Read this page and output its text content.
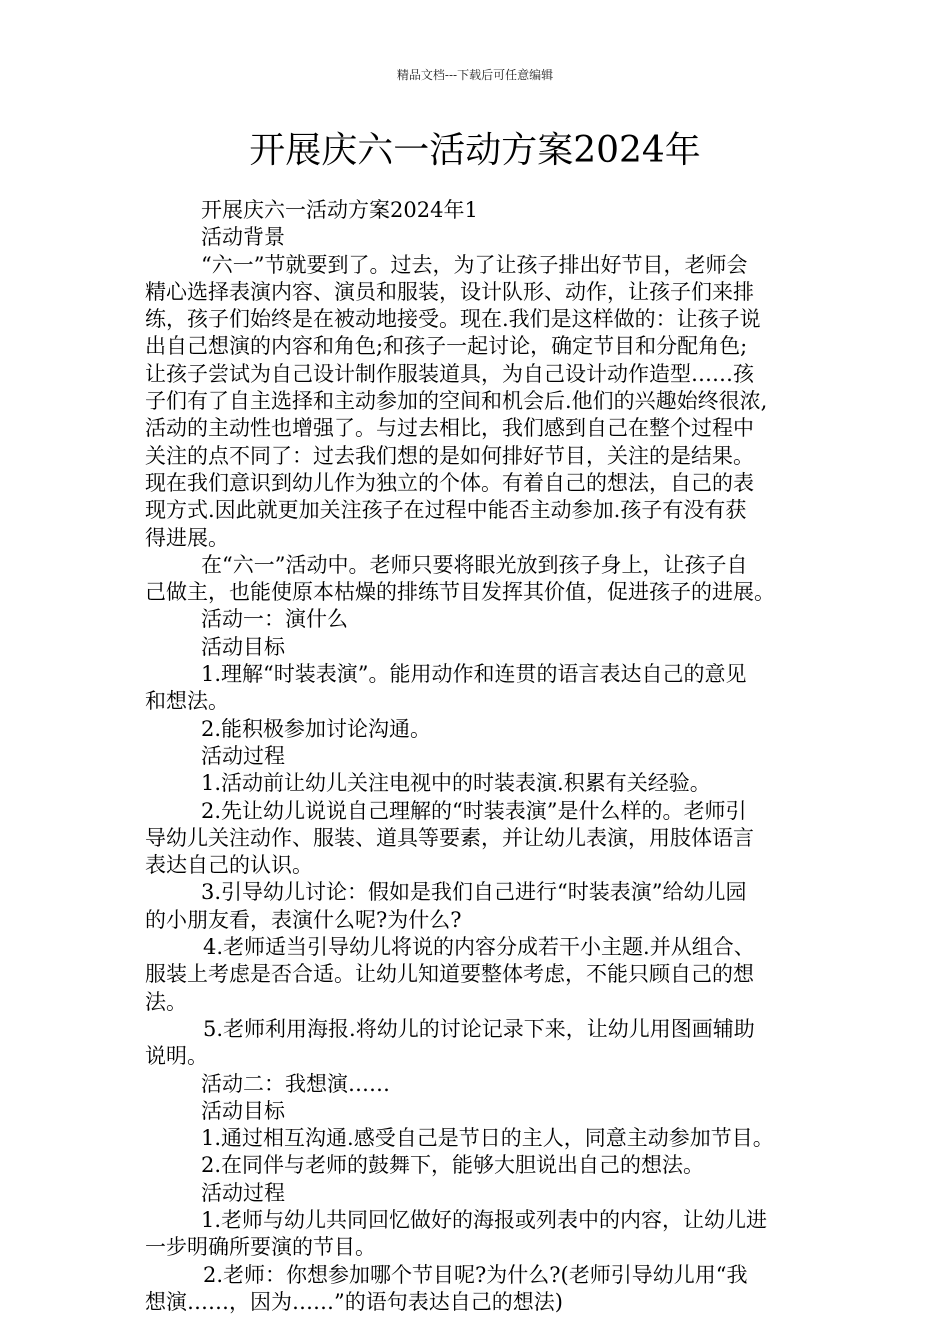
精品文档---下载后可任意编辑
开展庆六一活动方案2024年
开展庆六一活动方案2024年1
活动背景
“六一”节就要到了。过去，为了让孩子排出好节目，老师会
精心选择表演内容、演员和服装，设计队形、动作，让孩子们来排
练，孩子们始终是在被动地接受。现在.我们是这样做的：让孩子说
出自己想演的内容和角色;和孩子一起讨论，确定节目和分配角色;
让孩子尝试为自己设计制作服装道具，为自己设计动作造型……孩
子们有了自主选择和主动参加的空间和机会后.他们的兴趣始终很浓,
活动的主动性也增强了。与过去相比，我们感到自己在整个过程中
关注的点不同了：过去我们想的是如何排好节目，关注的是结果。
现在我们意识到幼儿作为独立的个体。有着自己的想法，自己的表
现方式.因此就更加关注孩子在过程中能否主动参加.孩子有没有获
得进展。
在“六一”活动中。老师只要将眼光放到孩子身上，让孩子自
己做主，也能使原本枯燥的排练节目发挥其价值，促进孩子的进展。
活动一：演什么
活动目标
1.理解“时装表演”。能用动作和连贯的语言表达自己的意见
和想法。
2.能积极参加讨论沟通。
活动过程
1.活动前让幼儿关注电视中的时装表演.积累有关经验。
2.先让幼儿说说自己理解的“时装表演”是什么样的。老师引
导幼儿关注动作、服装、道具等要素，并让幼儿表演，用肢体语言
表达自己的认识。
3.引导幼儿讨论：假如是我们自己进行“时装表演”给幼儿园
的小朋友看，表演什么呢?为什么?
4.老师适当引导幼儿将说的内容分成若干小主题.并从组合、
服装上考虑是否合适。让幼儿知道要整体考虑，不能只顾自己的想
法。
5.老师利用海报.将幼儿的讨论记录下来，让幼儿用图画辅助
说明。
活动二：我想演……
活动目标
1.通过相互沟通.感受自己是节日的主人，同意主动参加节目。
2.在同伴与老师的鼓舞下，能够大胆说出自己的想法。
活动过程
1.老师与幼儿共同回忆做好的海报或列表中的内容，让幼儿进
一步明确所要演的节目。
2.老师：你想参加哪个节目呢?为什么?(老师引导幼儿用“我
想演……，因为……”的语句表达自己的想法)
